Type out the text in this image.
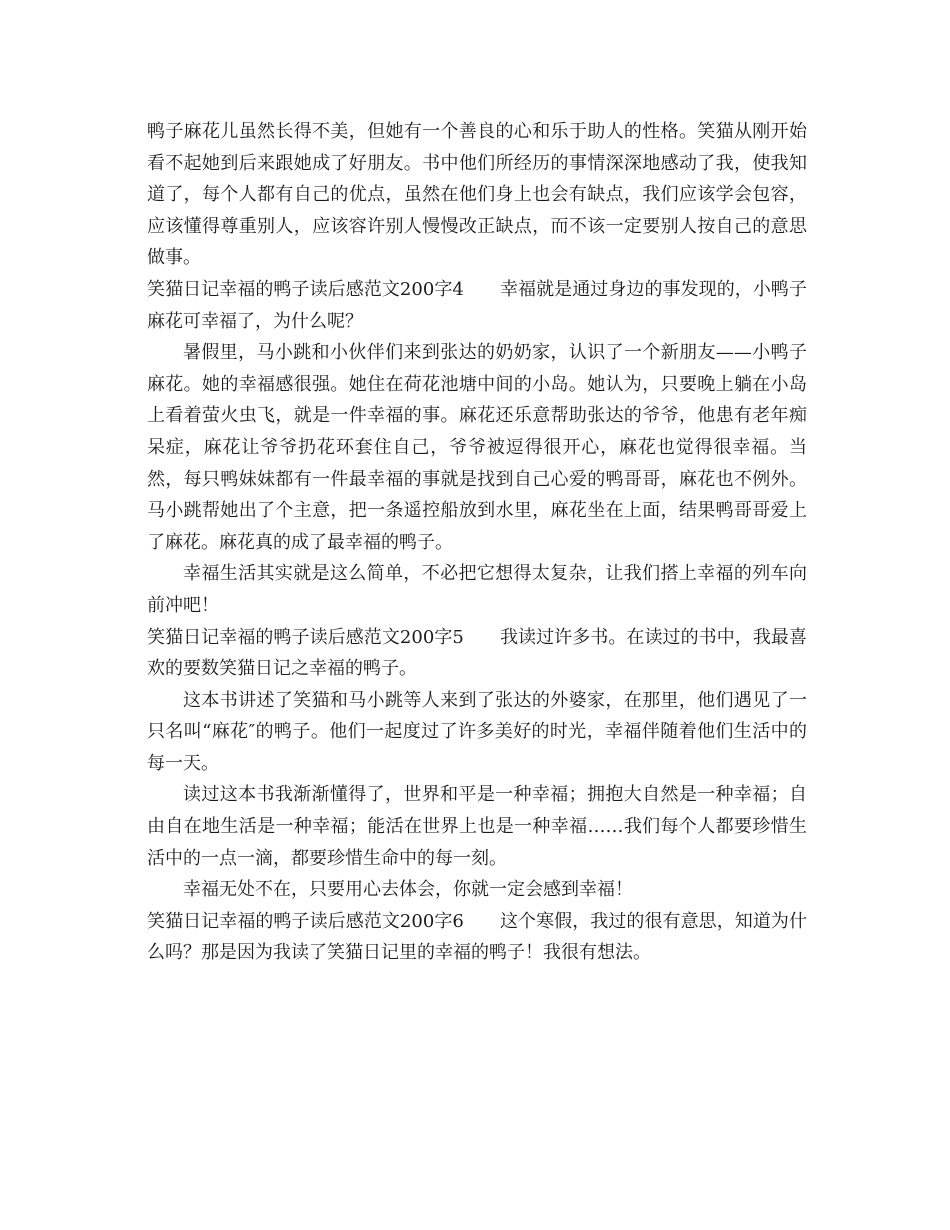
鸭子麻花儿虽然长得不美，但她有一个善良的心和乐于助人的性格。笑猫从刚开始看不起她到后来跟她成了好朋友。书中他们所经历的事情深深地感动了我，使我知道了，每个人都有自己的优点，虽然在他们身上也会有缺点，我们应该学会包容，应该懂得尊重别人，应该容许别人慢慢改正缺点，而不该一定要别人按自己的意思做事。

笑猫日记幸福的鸭子读后感范文200字4 幸福就是通过身边的事发现的，小鸭子麻花可幸福了，为什么呢？

暑假里，马小跳和小伙伴们来到张达的奶奶家，认识了一个新朋友——小鸭子麻花。她的幸福感很强。她住在荷花池塘中间的小岛。她认为，只要晚上躺在小岛上看着萤火虫飞，就是一件幸福的事。麻花还乐意帮助张达的爷爷，他患有老年痴呆症，麻花让爷爷扔花环套住自己，爷爷被逗得很开心，麻花也觉得很幸福。当然，每只鸭妹妹都有一件最幸福的事就是找到自己心爱的鸭哥哥，麻花也不例外。马小跳帮她出了个主意，把一条遥控船放到水里，麻花坐在上面，结果鸭哥哥爱上了麻花。麻花真的成了最幸福的鸭子。

幸福生活其实就是这么简单，不必把它想得太复杂，让我们搭上幸福的列车向前冲吧！

笑猫日记幸福的鸭子读后感范文200字5 我读过许多书。在读过的书中，我最喜欢的要数笑猫日记之幸福的鸭子。

这本书讲述了笑猫和马小跳等人来到了张达的外婆家，在那里，他们遇见了一只名叫“麻花″的鸭子。他们一起度过了许多美好的时光，幸福伴随着他们生活中的每一天。

读过这本书我渐渐懂得了，世界和平是一种幸福；拥抱大自然是一种幸福；自由自在地生活是一种幸福；能活在世界上也是一种幸福……我们每个人都要珍惜生活中的一点一滴，都要珍惜生命中的每一刻。

幸福无处不在，只要用心去体会，你就一定会感到幸福！

笑猫日记幸福的鸭子读后感范文200字6 这个寒假，我过的很有意思，知道为什么吗？那是因为我读了笑猫日记里的幸福的鸭子！我很有想法。
